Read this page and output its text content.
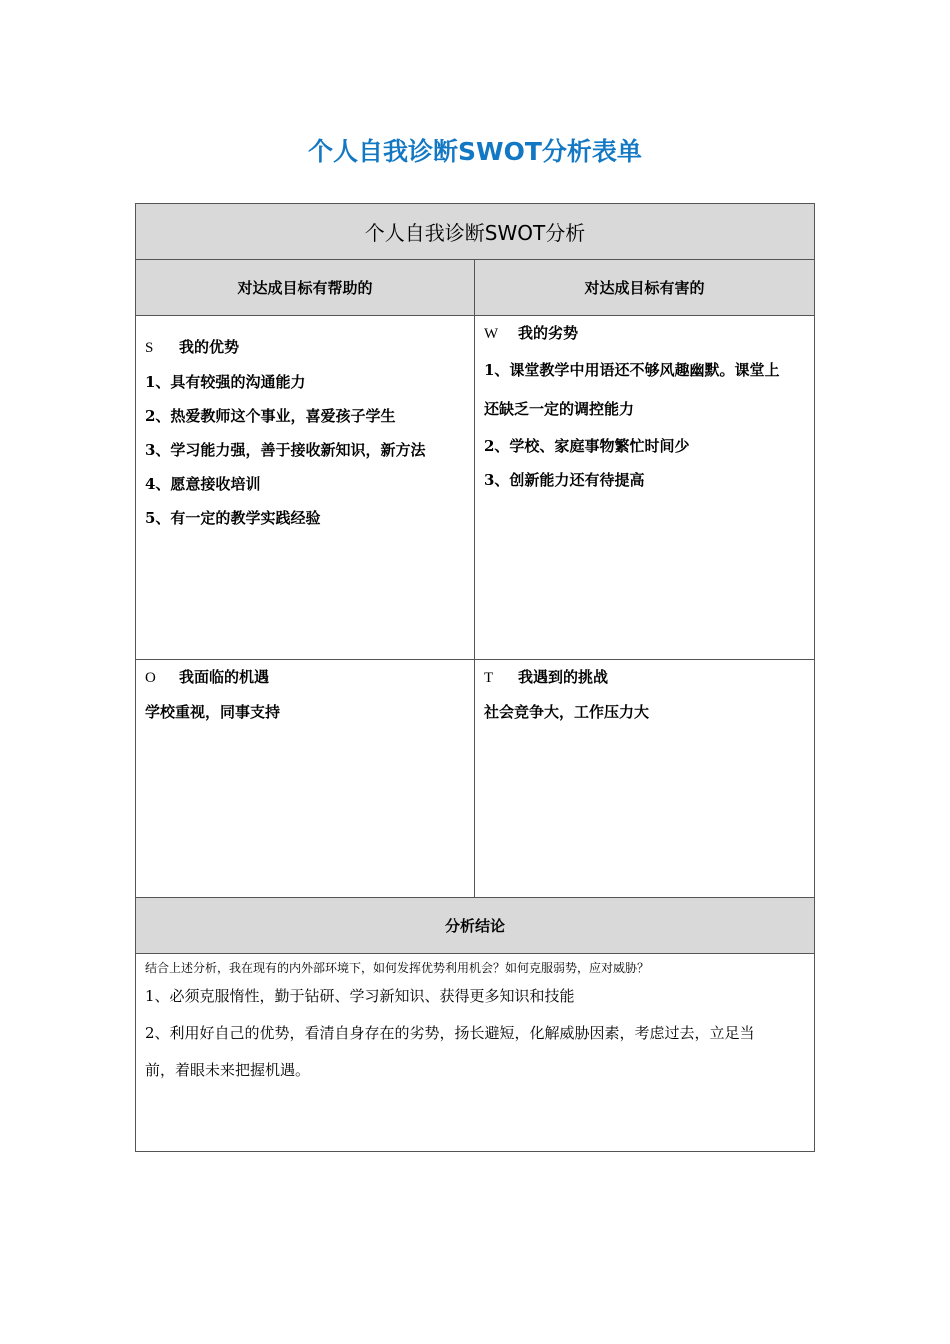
个人自我诊断SWOT分析表单
个人自我诊断SWOT分析
对达成目标有帮助的	对达成目标有害的
S 我的优势
1、具有较强的沟通能力
2、热爱教师这个事业，喜爱孩子学生
3、学习能力强，善于接收新知识，新方法
4、愿意接收培训
5、有一定的教学实践经验
W 我的劣势
1、课堂教学中用语还不够风趣幽默。课堂上
还缺乏一定的调控能力
2、学校、家庭事物繁忙时间少
3、创新能力还有待提高
O 我面临的机遇
学校重视，同事支持
T 我遇到的挑战
社会竞争大，工作压力大
分析结论
结合上述分析，我在现有的内外部环境下，如何发挥优势利用机会？如何克服弱势，应对威胁？
1、必须克服惰性，勤于钻研、学习新知识、获得更多知识和技能
2、利用好自己的优势，看清自身存在的劣势，扬长避短，化解威胁因素，考虑过去，立足当
前，着眼未来把握机遇。
